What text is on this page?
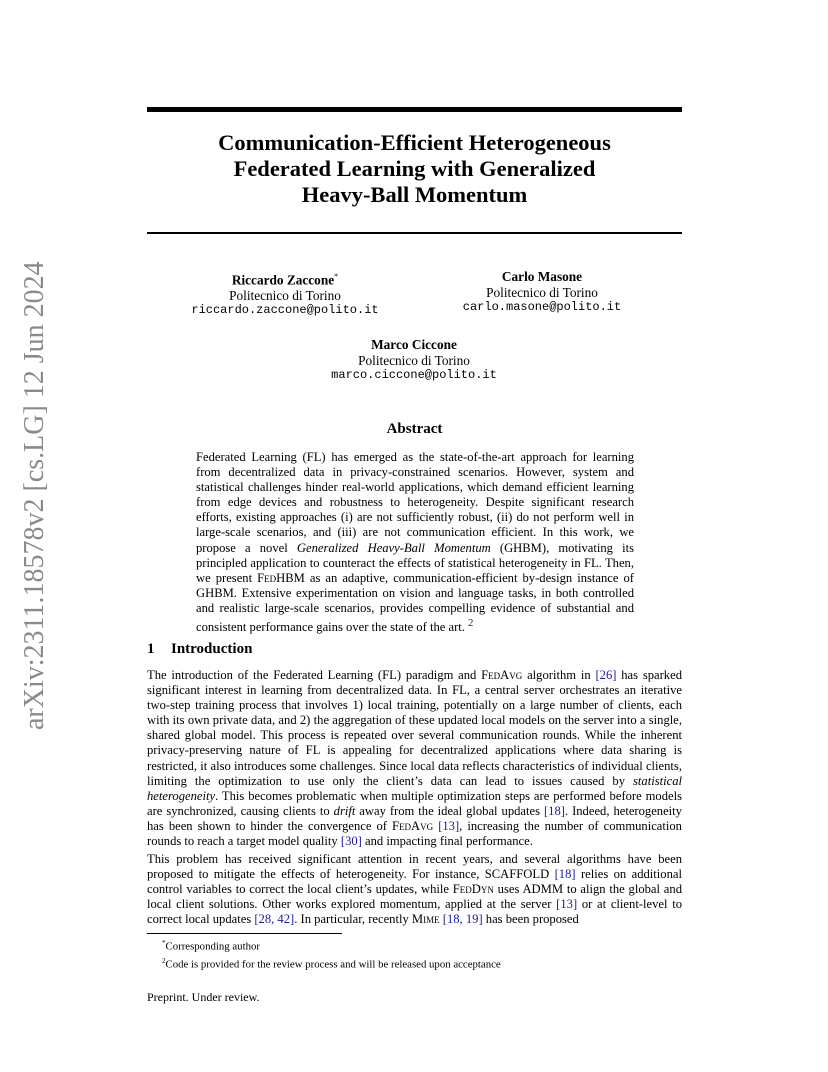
arXiv:2311.18578v2 [cs.LG] 12 Jun 2024
Communication-Efficient Heterogeneous
Federated Learning with Generalized
Heavy-Ball Momentum
Riccardo Zaccone*
Politecnico di Torino
riccardo.zaccone@polito.it
Carlo Masone
Politecnico di Torino
carlo.masone@polito.it
Marco Ciccone
Politecnico di Torino
marco.ciccone@polito.it
Abstract

Federated Learning (FL) has emerged as the state-of-the-art approach for learning from decentralized data in privacy-constrained scenarios. However, system and statistical challenges hinder real-world applications, which demand efficient learning from edge devices and robustness to heterogeneity. Despite significant research efforts, existing approaches (i) are not sufficiently robust, (ii) do not perform well in large-scale scenarios, and (iii) are not communication efficient. In this work, we propose a novel Generalized Heavy-Ball Momentum (GHBM), motivating its principled application to counteract the effects of statistical heterogeneity in FL. Then, we present FedHBM as an adaptive, communication-efficient by-design instance of GHBM. Extensive experimentation on vision and language tasks, in both controlled and realistic large-scale scenarios, provides compelling evidence of substantial and consistent performance gains over the state of the art. $^2$

1 Introduction

The introduction of the Federated Learning (FL) paradigm and FedAvg algorithm in [26] has sparked significant interest in learning from decentralized data. In FL, a central server orchestrates an iterative two-step training process that involves 1) local training, potentially on a large number of clients, each with its own private data, and 2) the aggregation of these updated local models on the server into a single, shared global model. This process is repeated over several communication rounds. While the inherent privacy-preserving nature of FL is appealing for decentralized applications where data sharing is restricted, it also introduces some challenges. Since local data reflects characteristics of individual clients, limiting the optimization to use only the client’s data can lead to issues caused by statistical heterogeneity. This becomes problematic when multiple optimization steps are performed before models are synchronized, causing clients to drift away from the ideal global updates [18]. Indeed, heterogeneity has been shown to hinder the convergence of FedAvg [13], increasing the number of communication rounds to reach a target model quality [30] and impacting final performance.

This problem has received significant attention in recent years, and several algorithms have been proposed to mitigate the effects of heterogeneity. For instance, SCAFFOLD [18] relies on additional control variables to correct the local client’s updates, while FedDyn uses ADMM to align the global and local client solutions. Other works explored momentum, applied at the server [13] or at client-level to correct local updates [28, 42]. In particular, recently Mime [18, 19] has been proposed

*Corresponding author
$^2$Code is provided for the review process and will be released upon acceptance
Preprint. Under review.
